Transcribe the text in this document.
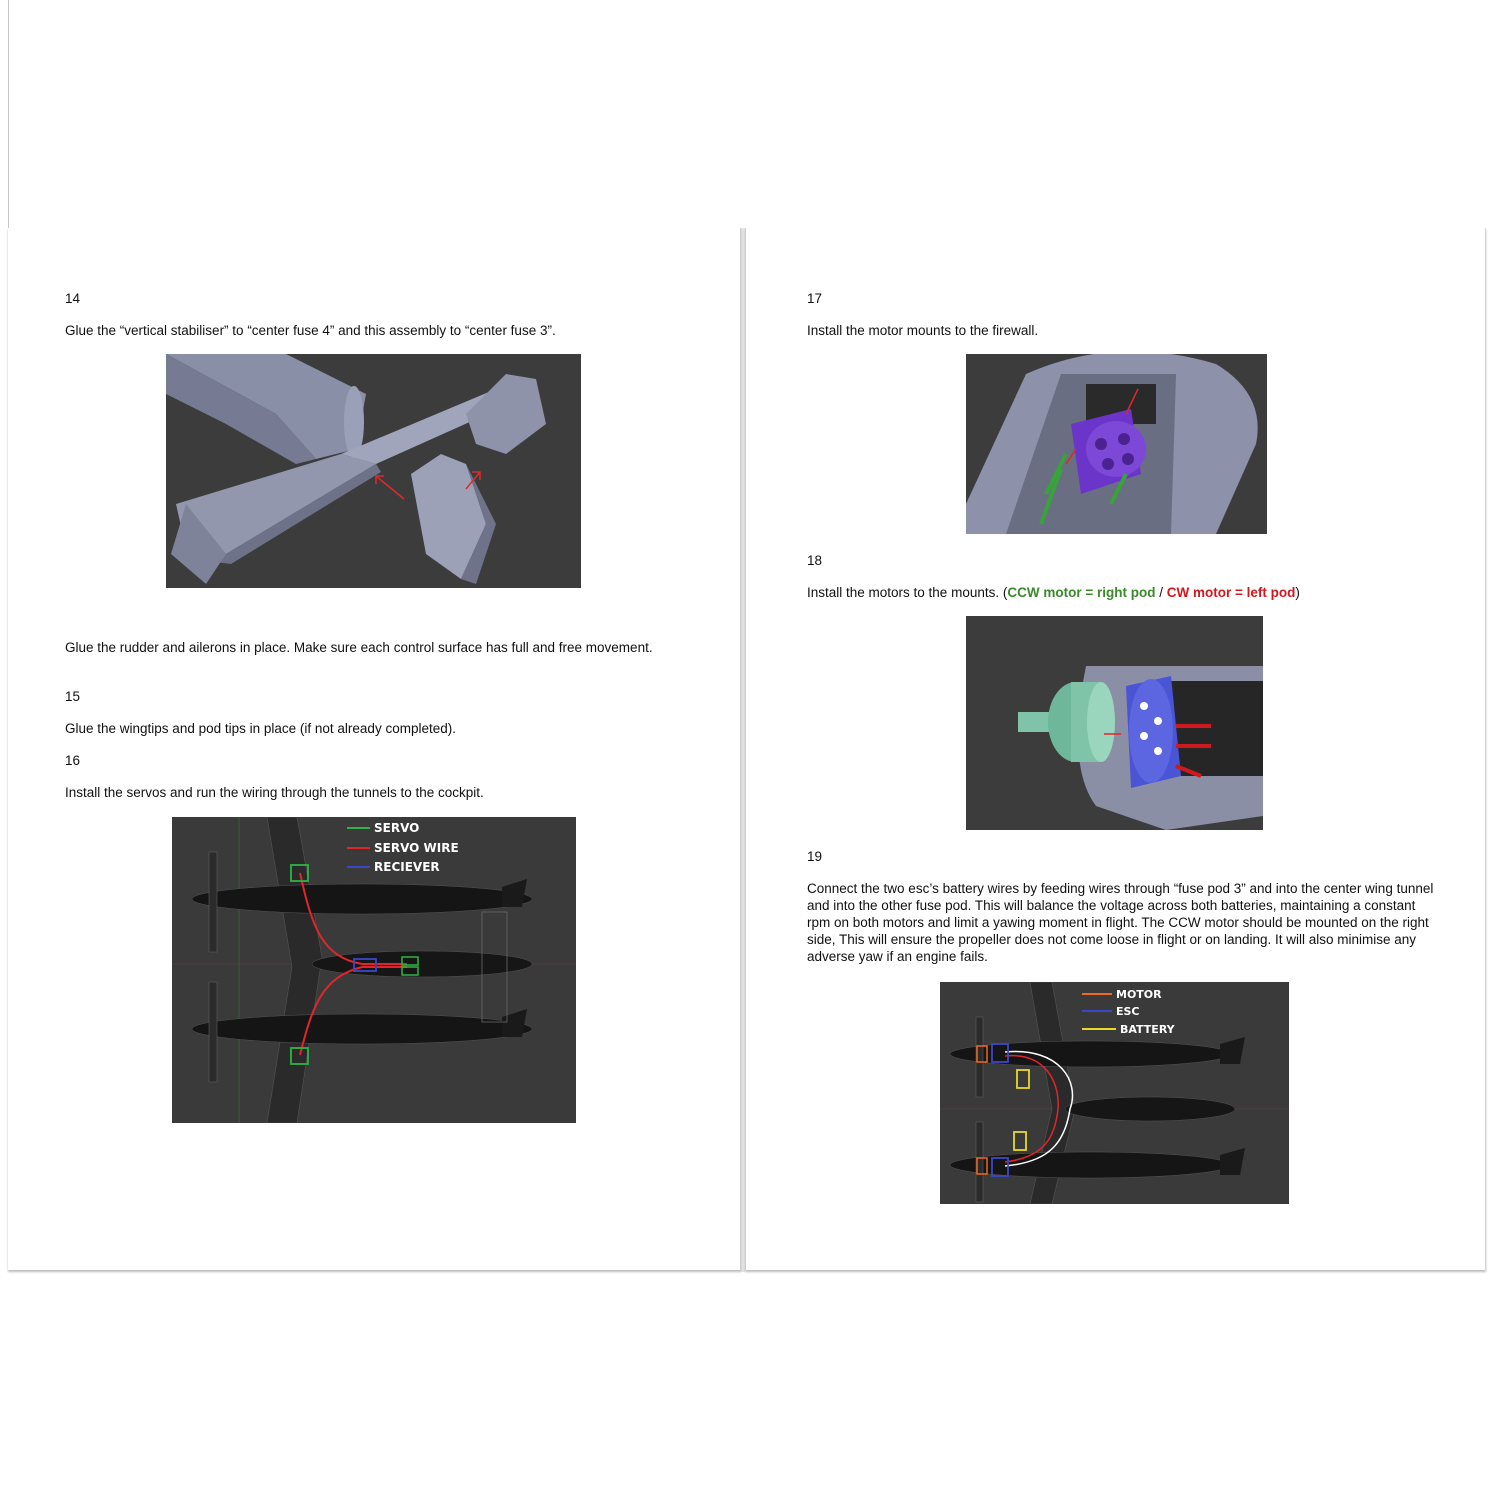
14

Glue the “vertical stabiliser” to “center fuse 4” and this assembly to “center fuse 3”.

Glue the rudder and ailerons in place. Make sure each control surface has full and free movement.

15

Glue the wingtips and pod tips in place (if not already completed).

16

Install the servos and run the wiring through the tunnels to the cockpit.

SERVO
SERVO WIRE
RECIEVER

17

Install the motor mounts to the firewall.

18

Install the motors to the mounts. (CCW motor = right pod / CW motor = left pod)

19

Connect the two esc’s battery wires by feeding wires through “fuse pod 3” and into the center wing tunnel and into the other fuse pod. This will balance the voltage across both batteries, maintaining a constant rpm on both motors and limit a yawing moment in flight. The CCW motor should be mounted on the right side, This will ensure the propeller does not come loose in flight or on landing. It will also minimise any adverse yaw if an engine fails.

MOTOR
ESC
BATTERY
